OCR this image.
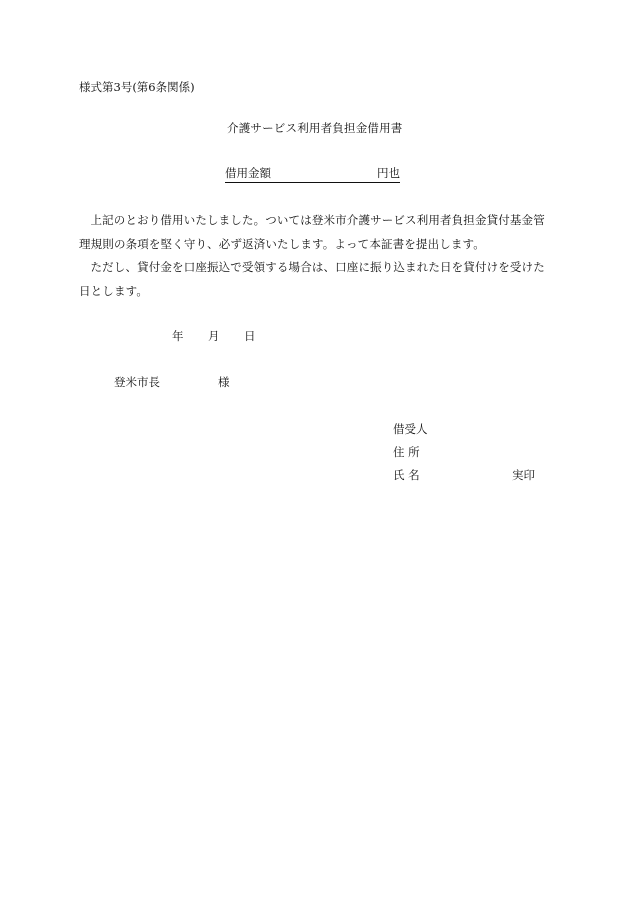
様式第3号(第6条関係)
介護サービス利用者負担金借用書
借用金額	円也
上記のとおり借用いたしました。ついては登米市介護サービス利用者負担金貸付基金管理規則の条項を堅く守り、必ず返済いたします。よって本証書を提出します。
ただし、貸付金を口座振込で受領する場合は、口座に振り込まれた日を貸付けを受けた日とします。
年 月 日
登米市長	様
借受人
住 所
氏 名	実印
